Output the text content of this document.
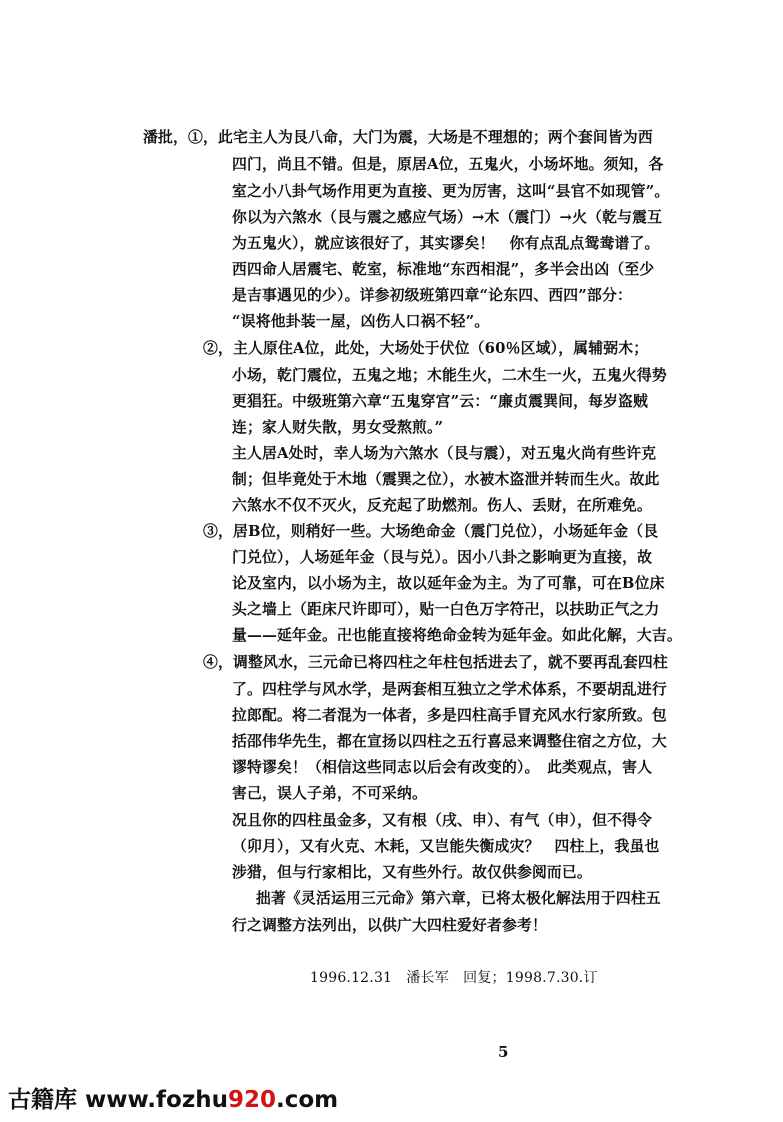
潘批，①，此宅主人为艮八命，大门为震，大场是不理想的；两个套间皆为西
四门，尚且不错。但是，原居A位，五鬼火，小场坏地。须知，各
室之小八卦气场作用更为直接、更为厉害，这叫“县官不如现管”。
你以为六煞水（艮与震之感应气场）→木（震门）→火（乾与震互
为五鬼火），就应该很好了，其实谬矣！　你有点乱点鸳鸯谱了。
西四命人居震宅、乾室，标准地“东西相混”，多半会出凶（至少
是吉事遇见的少）。详参初级班第四章“论东四、西四”部分：
“误将他卦装一屋，凶伤人口祸不轻”。
②，主人原住A位，此处，大场处于伏位（60％区域），属辅弼木；
小场，乾门震位，五鬼之地；木能生火，二木生一火，五鬼火得势
更猖狂。中级班第六章“五鬼穿宫”云：“廉贞震巽间，每岁盗贼
连；家人财失散，男女受熬煎。”
主人居A处时，幸人场为六煞水（艮与震），对五鬼火尚有些许克
制；但毕竟处于木地（震巽之位），水被木盗泄并转而生火。故此
六煞水不仅不灭火，反充起了助燃剂。伤人、丢财，在所难免。
③，居B位，则稍好一些。大场绝命金（震门兑位），小场延年金（艮
门兑位），人场延年金（艮与兑）。因小八卦之影响更为直接，故
论及室内，以小场为主，故以延年金为主。为了可靠，可在B位床
头之墙上（距床尺许即可），贴一白色万字符卍，以扶助正气之力
量——延年金。卍也能直接将绝命金转为延年金。如此化解，大吉。
④，调整风水，三元命已将四柱之年柱包括进去了，就不要再乱套四柱
了。四柱学与风水学，是两套相互独立之学术体系，不要胡乱进行
拉郎配。将二者混为一体者，多是四柱高手冒充风水行家所致。包
括邵伟华先生，都在宣扬以四柱之五行喜忌来调整住宿之方位，大
谬特谬矣！（相信这些同志以后会有改变的）。　此类观点，害人
害己，误人子弟，不可采纳。
况且你的四柱虽金多，又有根（戌、申）、有气（申），但不得令
（卯月），又有火克、木耗，又岂能失衡成灾？　四柱上，我虽也
涉猎，但与行家相比，又有些外行。故仅供参阅而已。
拙著《灵活运用三元命》第六章，已将太极化解法用于四柱五
行之调整方法列出，以供广大四柱爱好者参考！
1996.12.31　潘长军　回复；1998.7.30.订
5
古籍库 www.fozhu920.com
